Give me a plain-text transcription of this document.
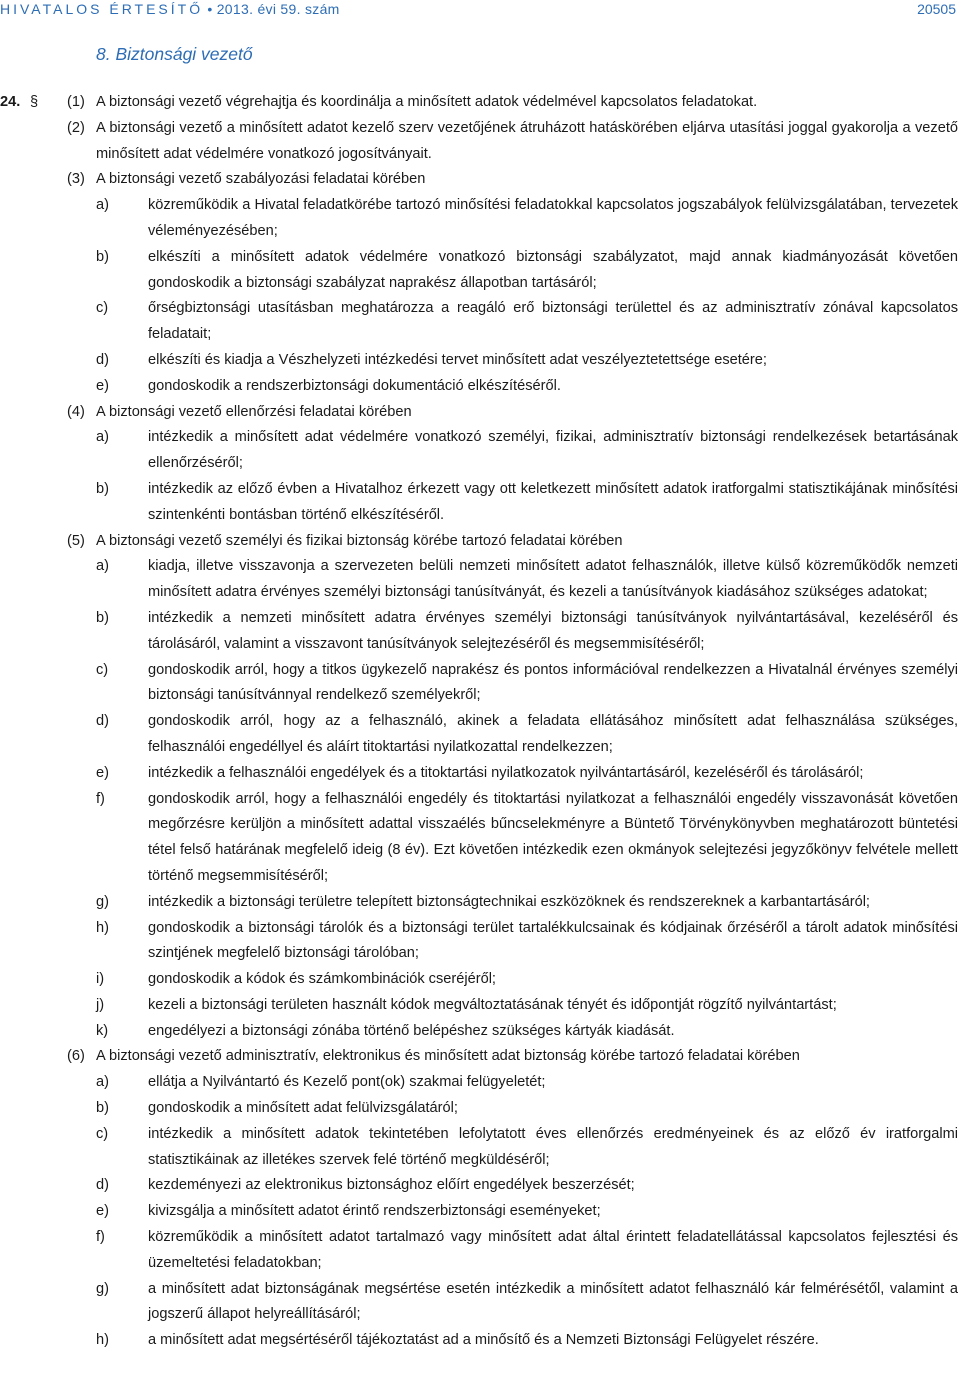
HIVATALOS ÉRTESÍTŐ • 2013. évi 59. szám	20505
8. Biztonsági vezető
24. § (1) A biztonsági vezető végrehajtja és koordinálja a minősített adatok védelmével kapcsolatos feladatokat.
(2) A biztonsági vezető a minősített adatot kezelő szerv vezetőjének átruházott hatáskörében eljárva utasítási joggal gyakorolja a vezető minősített adat védelmére vonatkozó jogosítványait.
(3) A biztonsági vezető szabályozási feladatai körében
a)	közreműködik a Hivatal feladatkörébe tartozó minősítési feladatokkal kapcsolatos jogszabályok felülvizsgálatában, tervezetek véleményezésében;
b)	elkészíti a minősített adatok védelmére vonatkozó biztonsági szabályzatot, majd annak kiadmányozását követően gondoskodik a biztonsági szabályzat naprakész állapotban tartásáról;
c)	őrségbiztonsági utasításban meghatározza a reagáló erő biztonsági területtel és az adminisztratív zónával kapcsolatos feladatait;
d)	elkészíti és kiadja a Vészhelyzeti intézkedési tervet minősített adat veszélyeztetettsége esetére;
e)	gondoskodik a rendszerbiztonsági dokumentáció elkészítéséről.
(4) A biztonsági vezető ellenőrzési feladatai körében
a)	intézkedik a minősített adat védelmére vonatkozó személyi, fizikai, adminisztratív biztonsági rendelkezések betartásának ellenőrzéséről;
b)	intézkedik az előző évben a Hivatalhoz érkezett vagy ott keletkezett minősített adatok iratforgalmi statisztikájának minősítési szintenkénti bontásban történő elkészítéséről.
(5) A biztonsági vezető személyi és fizikai biztonság körébe tartozó feladatai körében
a)	kiadja, illetve visszavonja a szervezeten belüli nemzeti minősített adatot felhasználók, illetve külső közreműködők nemzeti minősített adatra érvényes személyi biztonsági tanúsítványát, és kezeli a tanúsítványok kiadásához szükséges adatokat;
b)	intézkedik a nemzeti minősített adatra érvényes személyi biztonsági tanúsítványok nyilvántartásával, kezeléséről és tárolásáról, valamint a visszavont tanúsítványok selejtezéséről és megsemmisítéséről;
c)	gondoskodik arról, hogy a titkos ügykezelő naprakész és pontos információval rendelkezzen a Hivatalnál érvényes személyi biztonsági tanúsítvánnyal rendelkező személyekről;
d)	gondoskodik arról, hogy az a felhasználó, akinek a feladata ellátásához minősített adat felhasználása szükséges, felhasználói engedéllyel és aláírt titoktartási nyilatkozattal rendelkezzen;
e)	intézkedik a felhasználói engedélyek és a titoktartási nyilatkozatok nyilvántartásáról, kezeléséről és tárolásáról;
f)	gondoskodik arról, hogy a felhasználói engedély és titoktartási nyilatkozat a felhasználói engedély visszavonását követően megőrzésre kerüljön a minősített adattal visszaélés bűncselekményre a Büntető Törvénykönyvben meghatározott büntetési tétel felső határának megfelelő ideig (8 év). Ezt követően intézkedik ezen okmányok selejtezési jegyzőkönyv felvétele mellett történő megsemmisítéséről;
g)	intézkedik a biztonsági területre telepített biztonságtechnikai eszközöknek és rendszereknek a karbantartásáról;
h)	gondoskodik a biztonsági tárolók és a biztonsági terület tartalékkulcsainak és kódjainak őrzéséről a tárolt adatok minősítési szintjének megfelelő biztonsági tárolóban;
i)	gondoskodik a kódok és számkombinációk cseréjéről;
j)	kezeli a biztonsági területen használt kódok megváltoztatásának tényét és időpontját rögzítő nyilvántartást;
k)	engedélyezi a biztonsági zónába történő belépéshez szükséges kártyák kiadását.
(6) A biztonsági vezető adminisztratív, elektronikus és minősített adat biztonság körébe tartozó feladatai körében
a)	ellátja a Nyilvántartó és Kezelő pont(ok) szakmai felügyeletét;
b)	gondoskodik a minősített adat felülvizsgálatáról;
c)	intézkedik a minősített adatok tekintetében lefolytatott éves ellenőrzés eredményeinek és az előző év iratforgalmi statisztikáinak az illetékes szervek felé történő megküldéséről;
d)	kezdeményezi az elektronikus biztonsághoz előírt engedélyek beszerzését;
e)	kivizsgálja a minősített adatot érintő rendszerbiztonsági eseményeket;
f)	közreműködik a minősített adatot tartalmazó vagy minősített adat által érintett feladatellátással kapcsolatos fejlesztési és üzemeltetési feladatokban;
g)	a minősített adat biztonságának megsértése esetén intézkedik a minősített adatot felhasználó kár felmérésétől, valamint a jogszerű állapot helyreállításáról;
h)	a minősített adat megsértéséről tájékoztatást ad a minősítő és a Nemzeti Biztonsági Felügyelet részére.
